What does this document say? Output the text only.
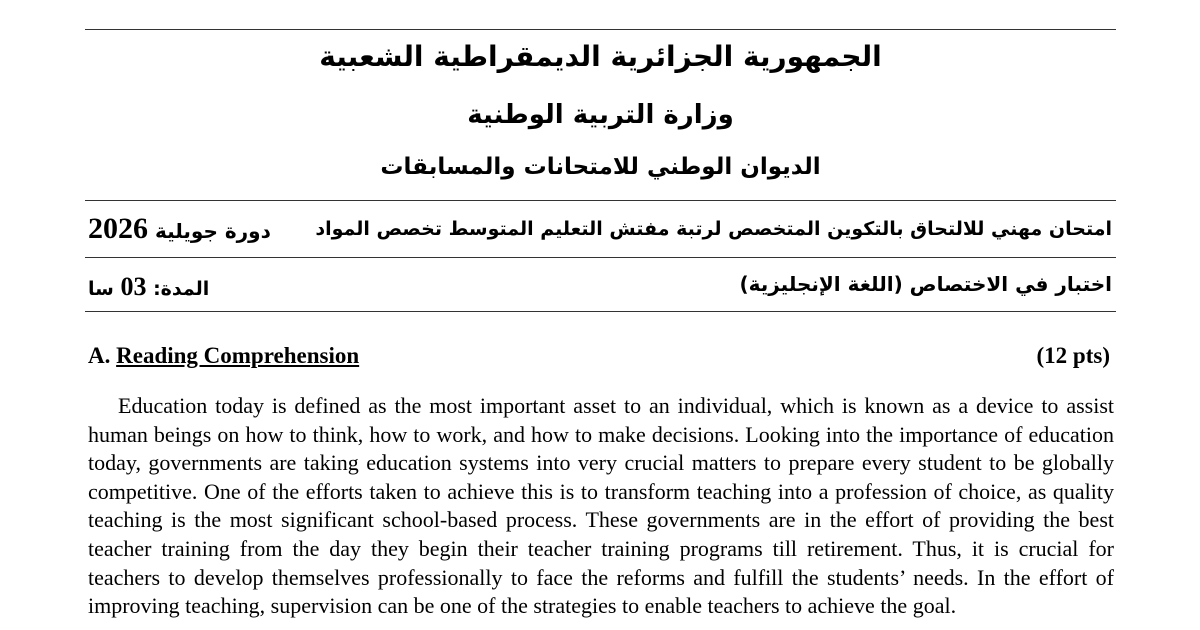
الجمهورية الجزائرية الديمقراطية الشعبية
وزارة التربية الوطنية
الديوان الوطني للامتحانات والمسابقات
امتحان مهني للالتحاق بالتكوين المتخصص لرتبة مفتش التعليم المتوسط تخصص المواد
دورة جويلية 2026
اختبار في الاختصاص (اللغة الإنجليزية)
المدة: 03 سا
A. Reading Comprehension	(12 pts)

Education today is defined as the most important asset to an individual, which is known as a device to assist human beings on how to think, how to work, and how to make decisions. Looking into the importance of education today, governments are taking education systems into very crucial matters to prepare every student to be globally competitive. One of the efforts taken to achieve this is to transform teaching into a profession of choice, as quality teaching is the most significant school-based process. These governments are in the effort of providing the best teacher training from the day they begin their teacher training programs till retirement. Thus, it is crucial for teachers to develop themselves professionally to face the reforms and fulfill the students’ needs. In the effort of improving teaching, supervision can be one of the strategies to enable teachers to achieve the goal.
